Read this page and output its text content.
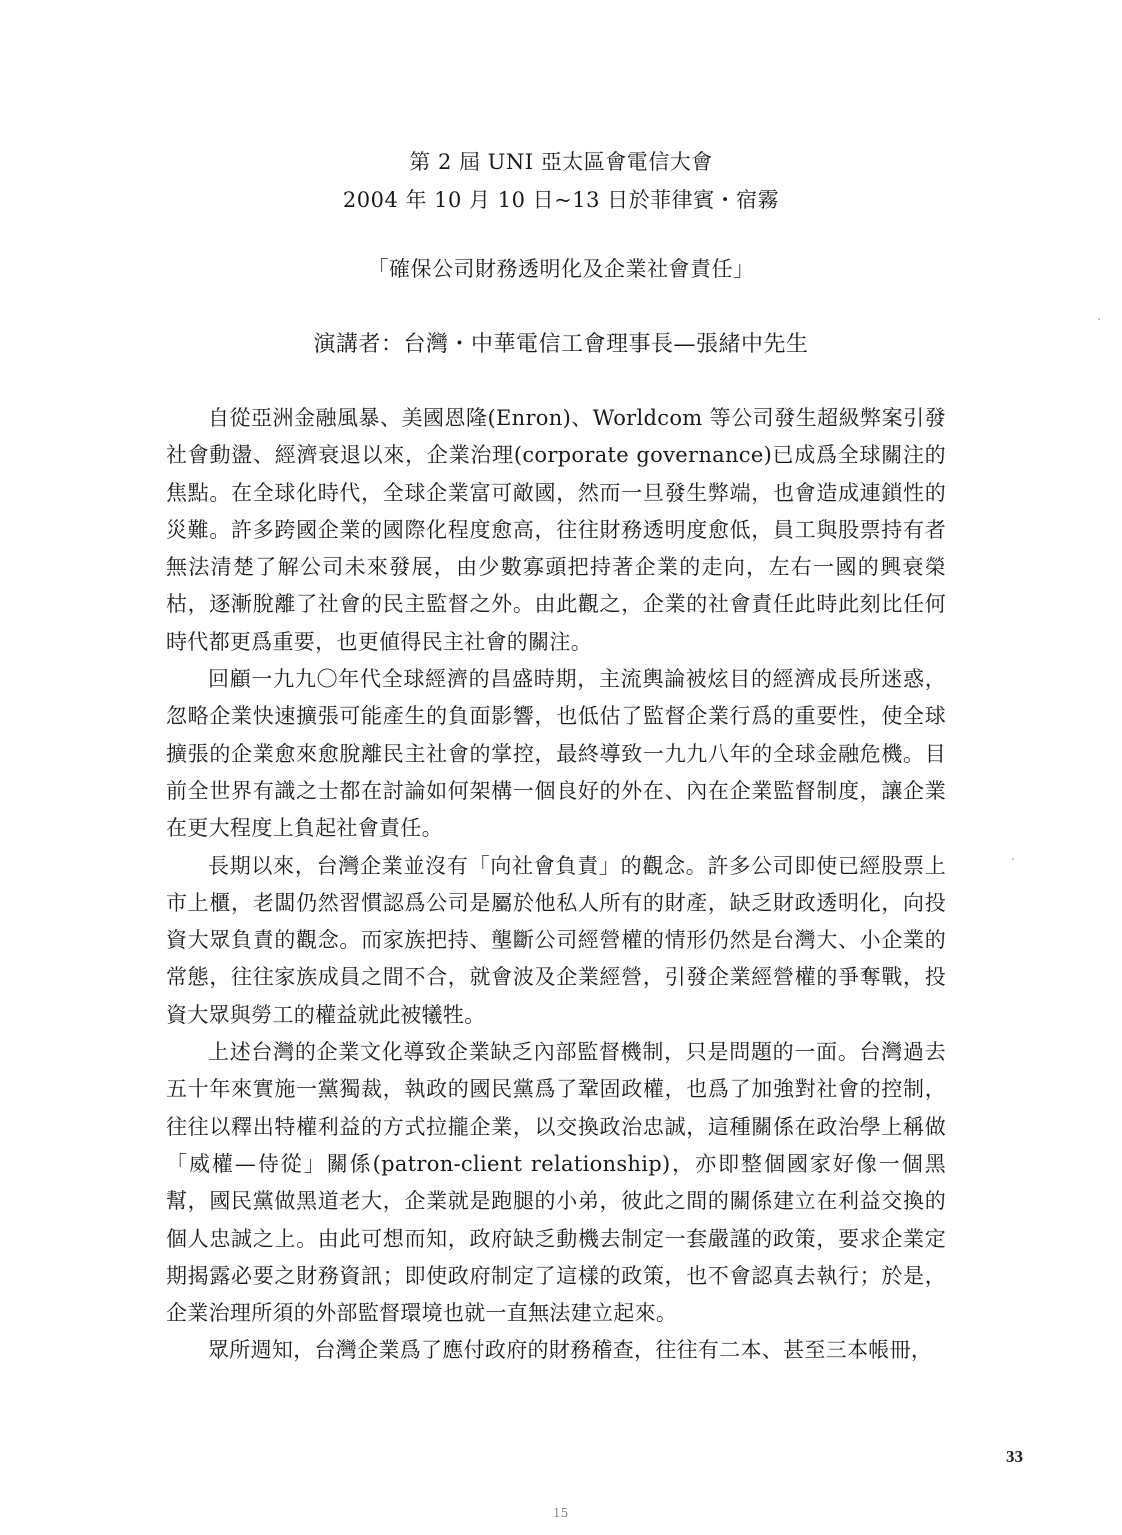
第 2 屆 UNI 亞太區會電信大會
2004 年 10 月 10 日~13 日於菲律賓・宿霧
「確保公司財務透明化及企業社會責任」
演講者：台灣・中華電信工會理事長—張緒中先生

自從亞洲金融風暴、美國恩隆(Enron)、Worldcom 等公司發生超級弊案引發社會動盪、經濟衰退以來，企業治理(corporate governance)已成爲全球關注的焦點。在全球化時代，全球企業富可敵國，然而一旦發生弊端，也會造成連鎖性的災難。許多跨國企業的國際化程度愈高，往往財務透明度愈低，員工與股票持有者無法清楚了解公司未來發展，由少數寡頭把持著企業的走向，左右一國的興衰榮枯，逐漸脫離了社會的民主監督之外。由此觀之，企業的社會責任此時此刻比任何時代都更爲重要，也更値得民主社會的關注。

回顧一九九〇年代全球經濟的昌盛時期，主流輿論被炫目的經濟成長所迷惑，忽略企業快速擴張可能產生的負面影響，也低估了監督企業行爲的重要性，使全球擴張的企業愈來愈脫離民主社會的掌控，最終導致一九九八年的全球金融危機。目前全世界有識之士都在討論如何架構一個良好的外在、內在企業監督制度，讓企業在更大程度上負起社會責任。

長期以來，台灣企業並沒有「向社會負責」的觀念。許多公司即使已經股票上市上櫃，老闆仍然習慣認爲公司是屬於他私人所有的財產，缺乏財政透明化，向投資大眾負責的觀念。而家族把持、壟斷公司經營權的情形仍然是台灣大、小企業的常態，往往家族成員之間不合，就會波及企業經營，引發企業經營權的爭奪戰，投資大眾與勞工的權益就此被犧牲。

上述台灣的企業文化導致企業缺乏內部監督機制，只是問題的一面。台灣過去五十年來實施一黨獨裁，執政的國民黨爲了鞏固政權，也爲了加強對社會的控制，往往以釋出特權利益的方式拉攏企業，以交換政治忠誠，這種關係在政治學上稱做「威權—侍從」關係(patron-client relationship)，亦即整個國家好像一個黑幫，國民黨做黑道老大，企業就是跑腿的小弟，彼此之間的關係建立在利益交換的個人忠誠之上。由此可想而知，政府缺乏動機去制定一套嚴謹的政策，要求企業定期揭露必要之財務資訊；即使政府制定了這樣的政策，也不會認真去執行；於是，企業治理所須的外部監督環境也就一直無法建立起來。

眾所週知，台灣企業爲了應付政府的財務稽查，往往有二本、甚至三本帳冊，

33
15
